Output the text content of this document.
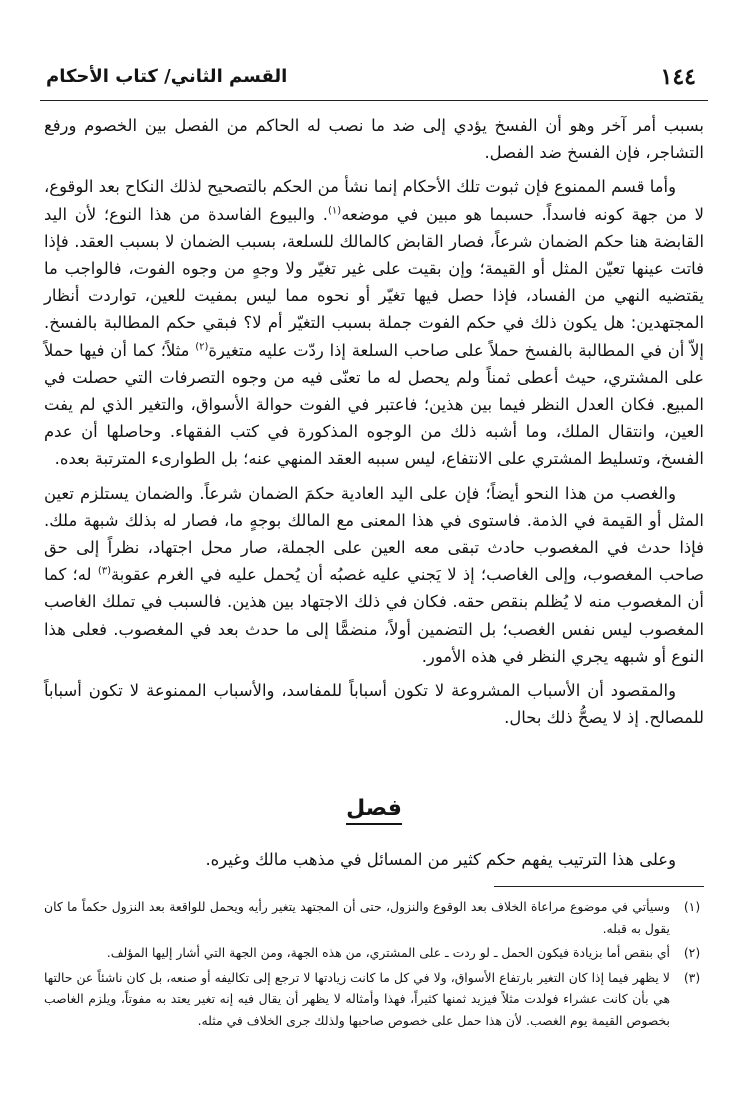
١٤٤
القسم الثاني/ كتاب الأحكام

بسبب أمر آخر وهو أن الفسخ يؤدي إلى ضد ما نصب له الحاكم من الفصل بين الخصوم ورفع التشاجر، فإن الفسخ ضد الفصل.

وأما قسم الممنوع فإن ثبوت تلك الأحكام إنما نشأ من الحكم بالتصحيح لذلك النكاح بعد الوقوع، لا من جهة كونه فاسداً. حسبما هو مبين في موضعه$^{(١)}$. والبيوع الفاسدة من هذا النوع؛ لأن اليد القابضة هنا حكم الضمان شرعاً، فصار القابض كالمالك للسلعة، بسبب الضمان لا بسبب العقد. فإذا فاتت عينها تعيّن المثل أو القيمة؛ وإن بقيت على غير تغيّر ولا وجهٍ من وجوه الفوت، فالواجب ما يقتضيه النهي من الفساد، فإذا حصل فيها تغيّر أو نحوه مما ليس بمفيت للعين، تواردت أنظار المجتهدين: هل يكون ذلك في حكم الفوت جملة بسبب التغيّر أم لا؟ فبقي حكم المطالبة بالفسخ. إلاّ أن في المطالبة بالفسخ حملاً على صاحب السلعة إذا ردّت عليه متغيرة$^{(٢)}$ مثلاً؛ كما أن فيها حملاً على المشتري، حيث أعطى ثمناً ولم يحصل له ما تعنّى فيه من وجوه التصرفات التي حصلت في المبيع. فكان العدل النظر فيما بين هذين؛ فاعتبر في الفوت حوالة الأسواق، والتغير الذي لم يفت العين، وانتقال الملك، وما أشبه ذلك من الوجوه المذكورة في كتب الفقهاء. وحاصلها أن عدم الفسخ، وتسليط المشتري على الانتفاع، ليس سببه العقد المنهي عنه؛ بل الطوارىء المترتبة بعده.

والغصب من هذا النحو أيضاً؛ فإن على اليد العادية حكمَ الضمان شرعاً. والضمان يستلزم تعين المثل أو القيمة في الذمة. فاستوى في هذا المعنى مع المالك بوجهٍ ما، فصار له بذلك شبهة ملك. فإذا حدث في المغصوب حادث تبقى معه العين على الجملة، صار محل اجتهاد، نظراً إلى حق صاحب المغصوب، وإلى الغاصب؛ إذ لا يَجني عليه غصبُه أن يُحمل عليه في الغرم عقوبة$^{(٣)}$ له؛ كما أن المغصوب منه لا يُظلم بنقص حقه. فكان في ذلك الاجتهاد بين هذين. فالسبب في تملك الغاصب المغصوب ليس نفس الغصب؛ بل التضمين أولاً، منضمًّا إلى ما حدث بعد في المغصوب. فعلى هذا النوع أو شبهه يجري النظر في هذه الأمور.

والمقصود أن الأسباب المشروعة لا تكون أسباباً للمفاسد، والأسباب الممنوعة لا تكون أسباباً للمصالح. إذ لا يصحُّ ذلك بحال.

فصل
وعلى هذا الترتيب يفهم حكم كثير من المسائل في مذهب مالك وغيره.
(١)
وسيأتي في موضوع مراعاة الخلاف بعد الوقوع والنزول، حتى أن المجتهد يتغير رأيه ويحمل للواقعة بعد النزول حكماً ما كان يقول به قبله.
(٢)
أي بنقص أما بزيادة فيكون الحمل ـ لو ردت ـ على المشتري، من هذه الجهة، ومن الجهة التي أشار إليها المؤلف.
(٣)
لا يظهر فيما إذا كان التغير بارتفاع الأسواق، ولا في كل ما كانت زيادتها لا ترجع إلى تكاليفه أو صنعه، بل كان ناشئاً عن حالتها هي بأن كانت عشراء فولدت مثلاً فيزيد ثمنها كثيراً، فهذا وأمثاله لا يظهر أن يقال فيه إنه تغير يعتد به مفوتاً، ويلزم الغاصب بخصوص القيمة يوم الغصب. لأن هذا حمل على خصوص صاحبها ولذلك جرى الخلاف في مثله.
